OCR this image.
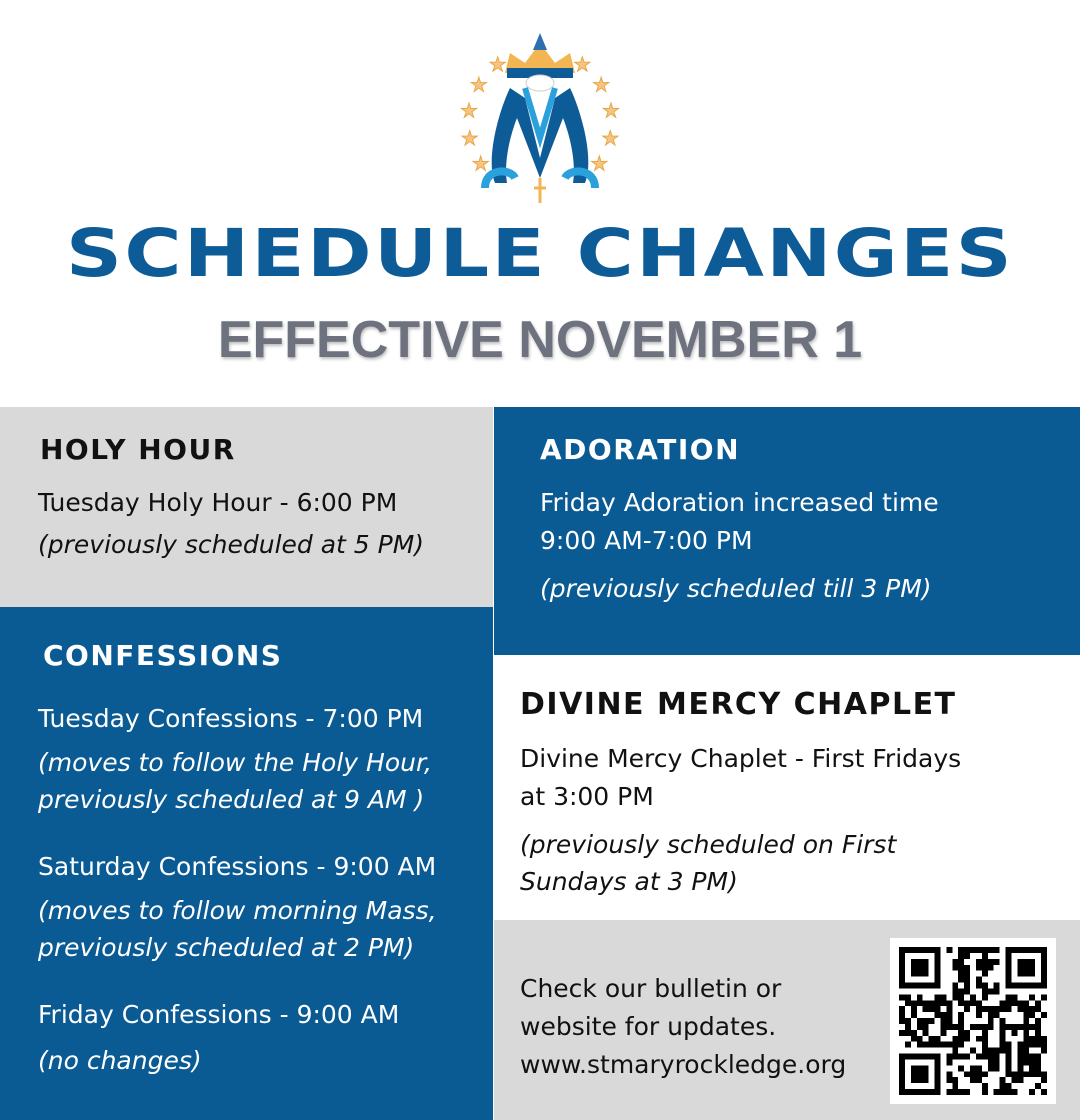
SCHEDULE CHANGES
EFFECTIVE NOVEMBER 1
HOLY HOUR
Tuesday Holy Hour - 6:00 PM
(previously scheduled at 5 PM)
CONFESSIONS
Tuesday Confessions - 7:00 PM
(moves to follow the Holy Hour,
previously scheduled at 9 AM )
Saturday Confessions - 9:00 AM
(moves to follow morning Mass,
previously scheduled at 2 PM)
Friday Confessions - 9:00 AM
(no changes)
ADORATION
Friday Adoration increased time
9:00 AM-7:00 PM
(previously scheduled till 3 PM)
DIVINE MERCY CHAPLET
Divine Mercy Chaplet - First Fridays
at 3:00 PM
(previously scheduled on First
Sundays at 3 PM)
Check our bulletin or
website for updates.
www.stmaryrockledge.org
